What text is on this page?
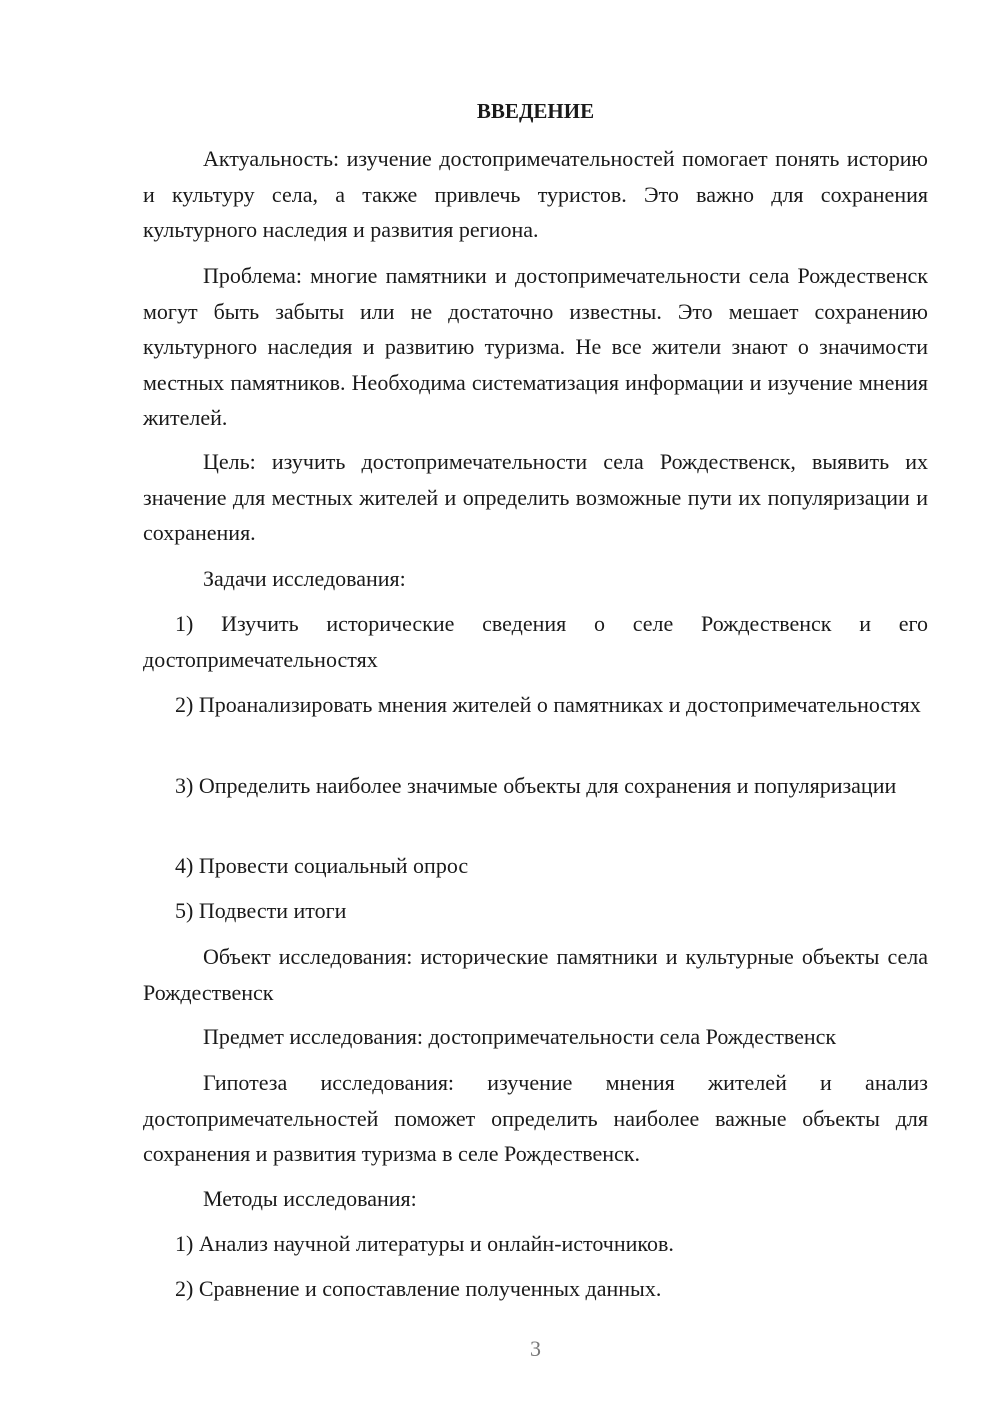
ВВЕДЕНИЕ
Актуальность: изучение достопримечательностей помогает понять историю и культуру села, а также привлечь туристов. Это важно для сохранения культурного наследия и развития региона.
Проблема: многие памятники и достопримечательности села Рождественск могут быть забыты или не достаточно известны. Это мешает сохранению культурного наследия и развитию туризма. Не все жители знают о значимости местных памятников. Необходима систематизация информации и изучение мнения жителей.
Цель: изучить достопримечательности села Рождественск, выявить их значение для местных жителей и определить возможные пути их популяризации и сохранения.
Задачи исследования:
1) Изучить исторические сведения о селе Рождественск и его достопримечательностях
2) Проанализировать мнения жителей о памятниках и достопримечательностях
3) Определить наиболее значимые объекты для сохранения и популяризации
4) Провести социальный опрос
5) Подвести итоги
Объект исследования: исторические памятники и культурные объекты села Рождественск
Предмет исследования: достопримечательности села Рождественск
Гипотеза исследования: изучение мнения жителей и анализ достопримечательностей поможет определить наиболее важные объекты для сохранения и развития туризма в селе Рождественск.
Методы исследования:
1) Анализ научной литературы и онлайн-источников.
2) Сравнение и сопоставление полученных данных.
3
